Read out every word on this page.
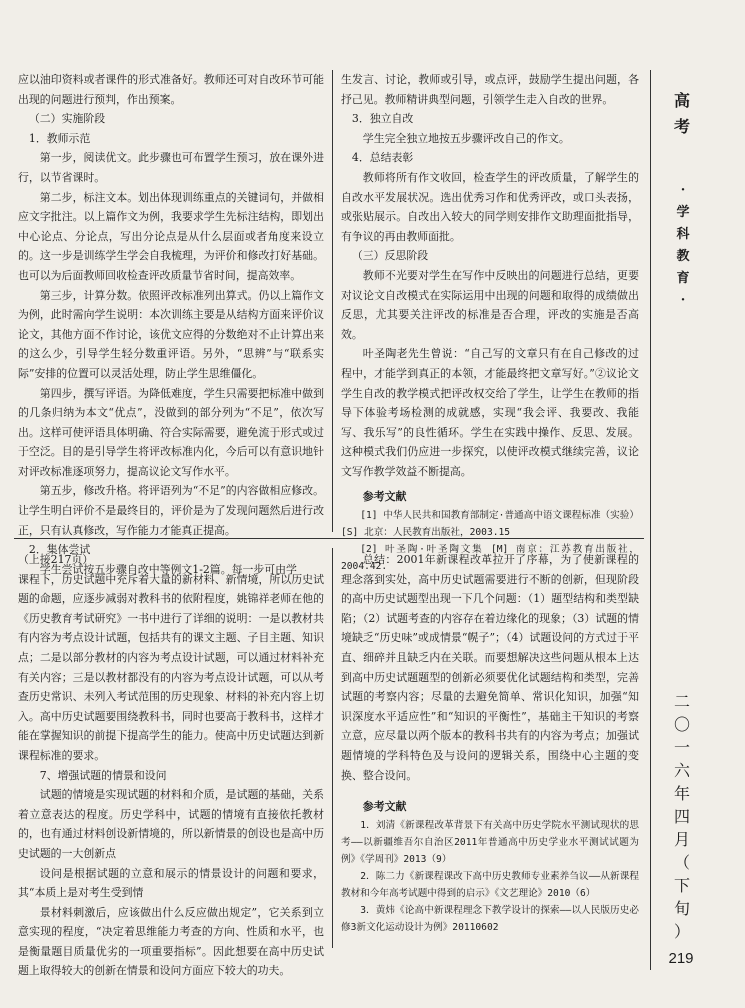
应以油印资料或者课件的形式准备好。教师还可对自改环节可能出现的问题进行预判，作出预案。

（二）实施阶段

1．教师示范

第一步，阅读优文。此步骤也可布置学生预习，放在课外进行，以节省课时。

第二步，标注文本。划出体现训练重点的关键词句，并做相应文字批注。以上篇作文为例，我要求学生先标注结构，即划出中心论点、分论点，写出分论点是从什么层面或者角度来设立的。这一步是训练学生学会自我梳理，为评价和修改打好基础。也可以为后面教师回收检查评改质量节省时间，提高效率。

第三步，计算分数。依照评改标准列出算式。仍以上篇作文为例，此时需向学生说明：本次训练主要是从结构方面来评价议论文，其他方面不作讨论，该优文应得的分数绝对不止计算出来的这么少，引导学生轻分数重评语。另外，“思辨”与“联系实际”安排的位置可以灵活处理，防止学生思维僵化。

第四步，撰写评语。为降低难度，学生只需要把标准中做到的几条归纳为本文“优点”，没做到的部分列为“不足”，依次写出。这样可使评语具体明确、符合实际需要，避免流于形式或过于空泛。目的是引导学生将评改标准内化，今后可以有意识地针对评改标准逐项努力，提高议论文写作水平。

第五步，修改升格。将评语列为“不足”的内容做相应修改。让学生明白评价不是最终目的，评价是为了发现问题然后进行改正，只有认真修改，写作能力才能真正提高。

2．集体尝试

学生尝试按五步骤自改中等例文1-2篇。每一步可由学

生发言、讨论，教师或引导，或点评，鼓励学生提出问题，各抒己见。教师精讲典型问题，引领学生走入自改的世界。

3．独立自改

学生完全独立地按五步骤评改自己的作文。

4．总结表彰

教师将所有作文收回，检查学生的评改质量，了解学生的自改水平发展状况。选出优秀习作和优秀评改，或口头表扬，或张贴展示。自改出入较大的同学则安排作文助理面批指导，有争议的再由教师面批。

（三）反思阶段

教师不光要对学生在写作中反映出的问题进行总结，更要对议论文自改模式在实际运用中出现的问题和取得的成绩做出反思，尤其要关注评改的标准是否合理，评改的实施是否高效。

叶圣陶老先生曾说：“自己写的文章只有在自己修改的过程中，才能学到真正的本领，才能最终把文章写好。”②议论文学生自改的教学模式把评改权交给了学生，让学生在教师的指导下体验考场检测的成就感，实现“我会评、我要改、我能写、我乐写”的良性循环。学生在实践中操作、反思、发展。这种模式我们仍应进一步探究，以使评改模式继续完善，议论文写作教学效益不断提高。

参考文献

[1] 中华人民共和国教育部制定·普通高中语文课程标准（实验）[S] 北京：人民教育出版社，2003.15

[2] 叶圣陶·叶圣陶文集 [M] 南京：江苏教育出版社，2004.42.

（上接217页）

课程下，历史试题中充斥着大量的新材料、新情境，所以历史试题的命题，应逐步减弱对教科书的依附程度，姚锦祥老师在他的《历史教育考试研究》一书中进行了详细的说明：一是以教材共有内容为考点设计试题，包括共有的课文主题、子目主题、知识点；二是以部分教材的内容为考点设计试题，可以通过材料补充有关内容；三是以教材都没有的内容为考点设计试题，可以从考查历史常识、未列入考试范围的历史现象、材料的补充内容上切入。高中历史试题要围绕教科书，同时也要高于教科书，这样才能在掌握知识的前提下提高学生的能力。使高中历史试题达到新课程标准的要求。

7、增强试题的情景和设问

试题的情境是实现试题的材料和介质，是试题的基础，关系着立意表达的程度。历史学科中，试题的情境有直接依托教材的，也有通过材料创设新情境的，所以新情景的创设也是高中历史试题的一大创新点

设问是根据试题的立意和展示的情景设计的问题和要求，其“本质上是对考生受到情

景材料刺激后，应该做出什么反应做出规定”，它关系到立意实现的程度，“决定着思维能力考查的方向、性质和水平，也是衡量题目质量优劣的一项重要指标”。因此想要在高中历史试题上取得较大的创新在情景和设问方面应下较大的功夫。

总结：2001年新课程改革拉开了序幕，为了使新课程的理念落到实处，高中历史试题需要进行不断的创新，但现阶段的高中历史试题型出现一下几个问题：（1）题型结构和类型缺陷；（2）试题考查的内容存在着边缘化的现象；（3）试题的情境缺乏“历史味”或成情景“幌子”；（4）试题设问的方式过于平直、细碎并且缺乏内在关联。而要想解决这些问题从根本上达到高中历史试题题型的创新必须要优化试题结构和类型，完善试题的考察内容；尽量的去避免简单、常识化知识，加强“知识深度水平适应性”和“知识的平衡性”，基础主干知识的考察立意，应尽量以两个版本的教科书共有的内容为考点；加强试题情境的学科特色及与设问的逻辑关系，围绕中心主题的变换、整合设问。

参考文献

1．刘清《新课程改革背景下有关高中历史学院水平测试现状的思考——以新疆维吾尔自治区2011年普通高中历史学业水平测试试题为例》《学周刊》2013（9）

2．陈二力《新课程课改下高中历史教师专业素养刍议——从新课程教材和今年高考试题中得到的启示》《文艺理论》2010（6）

3．黄炜《论高中新课程理念下教学设计的探索——以人民版历史必修3新文化运动设计为例》20110602

高
考
·
学
科
教
育
·
二
〇
一
六
年
四
月
（
下
旬
）
219
